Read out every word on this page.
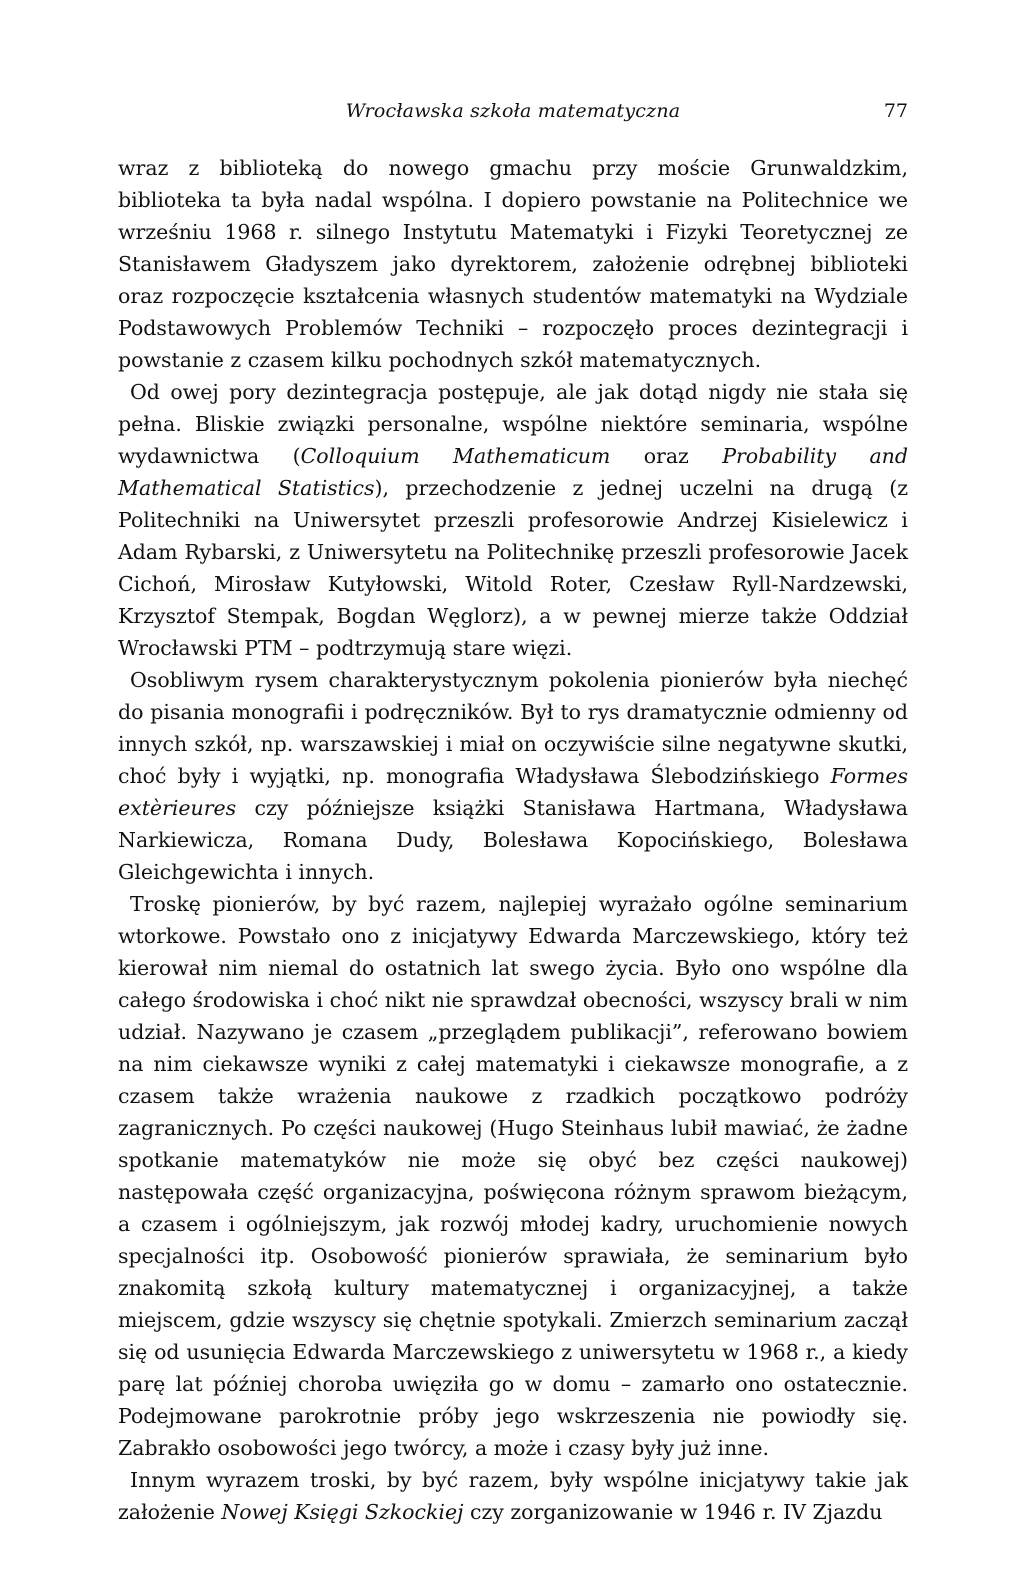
Wrocławska szkoła matematyczna	77

wraz z biblioteką do nowego gmachu przy moście Grunwaldzkim, biblioteka ta była nadal wspólna. I dopiero powstanie na Politechnice we wrześniu 1968 r. silnego Instytutu Matematyki i Fizyki Teoretycznej ze Stanisławem Gładyszem jako dyrektorem, założenie odrębnej biblioteki oraz rozpoczęcie kształcenia własnych studentów matematyki na Wydziale Podstawowych Problemów Techniki – rozpoczęło proces dezintegracji i powstanie z czasem kilku pochodnych szkół matematycznych.

Od owej pory dezintegracja postępuje, ale jak dotąd nigdy nie stała się pełna. Bliskie związki personalne, wspólne niektóre seminaria, wspólne wydawnictwa (Colloquium Mathematicum oraz Probability and Mathematical Statistics), przechodzenie z jednej uczelni na drugą (z Politechniki na Uniwersytet przeszli profesorowie Andrzej Kisielewicz i Adam Rybarski, z Uniwersytetu na Politechnikę przeszli profesorowie Jacek Cichoń, Mirosław Kutyłowski, Witold Roter, Czesław Ryll-Nardzewski, Krzysztof Stempak, Bogdan Węglorz), a w pewnej mierze także Oddział Wrocławski PTM – podtrzymują stare więzi.

Osobliwym rysem charakterystycznym pokolenia pionierów była niechęć do pisania monografii i podręczników. Był to rys dramatycznie odmienny od innych szkół, np. warszawskiej i miał on oczywiście silne negatywne skutki, choć były i wyjątki, np. monografia Władysława Ślebodzińskiego Formes extèrieures czy późniejsze książki Stanisława Hartmana, Władysława Narkiewicza, Romana Dudy, Bolesława Kopocińskiego, Bolesława Gleichgewichta i innych.

Troskę pionierów, by być razem, najlepiej wyrażało ogólne seminarium wtorkowe. Powstało ono z inicjatywy Edwarda Marczewskiego, który też kierował nim niemal do ostatnich lat swego życia. Było ono wspólne dla całego środowiska i choć nikt nie sprawdzał obecności, wszyscy brali w nim udział. Nazywano je czasem „przeglądem publikacji”, referowano bowiem na nim ciekawsze wyniki z całej matematyki i ciekawsze monografie, a z czasem także wrażenia naukowe z rzadkich początkowo podróży zagranicznych. Po części naukowej (Hugo Steinhaus lubił mawiać, że żadne spotkanie matematyków nie może się obyć bez części naukowej) następowała część organizacyjna, poświęcona różnym sprawom bieżącym, a czasem i ogólniejszym, jak rozwój młodej kadry, uruchomienie nowych specjalności itp. Osobowość pionierów sprawiała, że seminarium było znakomitą szkołą kultury matematycznej i organizacyjnej, a także miejscem, gdzie wszyscy się chętnie spotykali. Zmierzch seminarium zaczął się od usunięcia Edwarda Marczewskiego z uniwersytetu w 1968 r., a kiedy parę lat później choroba uwięziła go w domu – zamarło ono ostatecznie. Podejmowane parokrotnie próby jego wskrzeszenia nie powiodły się. Zabrakło osobowości jego twórcy, a może i czasy były już inne.

Innym wyrazem troski, by być razem, były wspólne inicjatywy takie jak założenie Nowej Księgi Szkockiej czy zorganizowanie w 1946 r. IV Zjazdu
